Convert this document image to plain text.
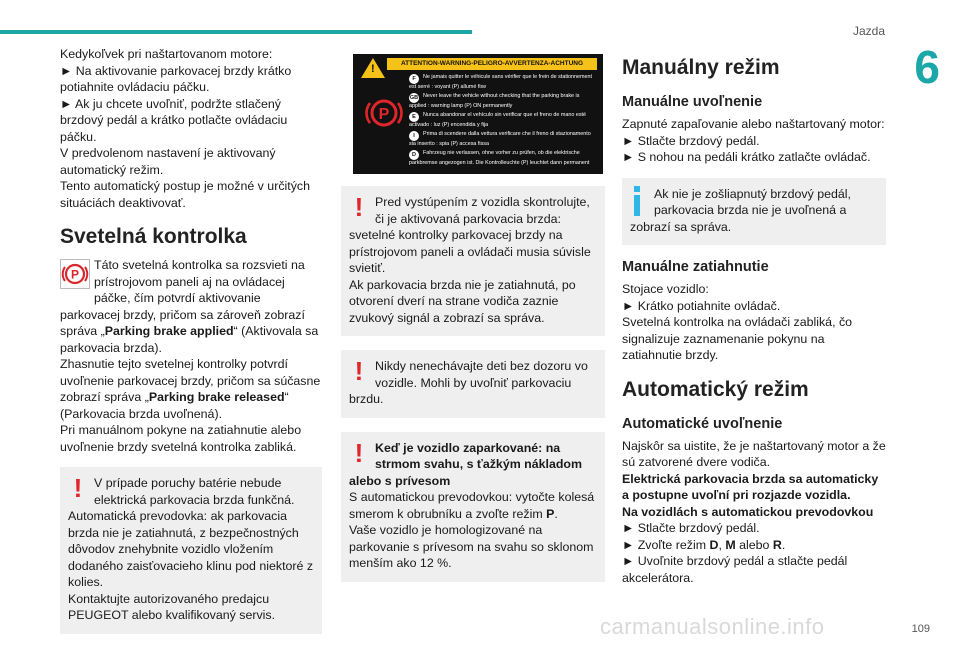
Jazda
6

Kedykoľvek pri naštartovanom motore:

► Na aktivovanie parkovacej brzdy krátko potiahnite ovládaciu páčku.

► Ak ju chcete uvoľniť, podržte stlačený brzdový pedál a krátko potlačte ovládaciu páčku.

V predvolenom nastavení je aktivovaný automatický režim.

Tento automatický postup je možné v určitých situáciách deaktivovať.

Svetelná kontrolka
P

Táto svetelná kontrolka sa rozsvieti na prístrojovom paneli aj na ovládacej páčke, čím potvrdí aktivovanie parkovacej brzdy, pričom sa zároveň zobrazí správa „Parking brake applied“ (Aktivovala sa parkovacia brzda).

Zhasnutie tejto svetelnej kontrolky potvrdí uvoľnenie parkovacej brzdy, pričom sa súčasne zobrazí správa „Parking brake released“ (Parkovacia brzda uvoľnená).

Pri manuálnom pokyne na zatiahnutie alebo uvoľnenie brzdy svetelná kontrolka zabliká.

! V prípade poruchy batérie nebude elektrická parkovacia brzda funkčná. Automatická prevodovka: ak parkovacia brzda nie je zatiahnutá, z bezpečnostných dôvodov znehybnite vozidlo vložením dodaného zaisťovacieho klinu pod niektoré z kolies.

Kontaktujte autorizovaného predajcu PEUGEOT alebo kvalifikovaný servis.

!	ATTENTION-WARNING-PELIGRO-AVVERTENZA-ACHTUNG
P
F Ne jamais quitter le véhicule sans vérifier que le frein de stationnement est serré : voyant (P) allumé fixe
GB Never leave the vehicle without checking that the parking brake is applied : warning lamp (P) ON permanently
E Nunca abandonar el vehículo sin verificar que el freno de mano esté activado : luz (P) encendida y fija
I Prima di scendere dalla vettura verificare che il freno di stazionamento sia inserito : spia (P) accesa fissa
D Fahrzeug nie verlassen, ohne vorher zu prüfen, ob die elektrische parkbremse angezogen ist. Die Kontrolleuchte (P) leuchtet dann permanent
! Pred vystúpením z vozidla skontrolujte, či je aktivovaná parkovacia brzda: svetelné kontrolky parkovacej brzdy na prístrojovom paneli a ovládači musia súvisle svietiť.

Ak parkovacia brzda nie je zatiahnutá, po otvorení dverí na strane vodiča zaznie zvukový signál a zobrazí sa správa.

! Nikdy nenechávajte deti bez dozoru vo vozidle. Mohli by uvoľniť parkovaciu brzdu.

! Keď je vozidlo zaparkované: na strmom svahu, s ťažkým nákladom alebo s prívesom

S automatickou prevodovkou: vytočte kolesá smerom k obrubníku a zvoľte režim P.

Vaše vozidlo je homologizované na parkovanie s prívesom na svahu so sklonom menším ako 12 %.

Manuálny režim
Manuálne uvoľnenie

Zapnuté zapaľovanie alebo naštartovaný motor:

► Stlačte brzdový pedál.

► S nohou na pedáli krátko zatlačte ovládač.

Ak nie je zošliapnutý brzdový pedál, parkovacia brzda nie je uvoľnená a zobrazí sa správa.

Manuálne zatiahnutie

Stojace vozidlo:

► Krátko potiahnite ovládač.

Svetelná kontrolka na ovládači zabliká, čo signalizuje zaznamenanie pokynu na zatiahnutie brzdy.

Automatický režim
Automatické uvoľnenie

Najskôr sa uistite, že je naštartovaný motor a že sú zatvorené dvere vodiča.

Elektrická parkovacia brzda sa automaticky a postupne uvoľní pri rozjazde vozidla.

Na vozidlách s automatickou prevodovkou

► Stlačte brzdový pedál.

► Zvoľte režim D, M alebo R.

► Uvoľnite brzdový pedál a stlačte pedál akcelerátora.

109
carmanualsonline.info
